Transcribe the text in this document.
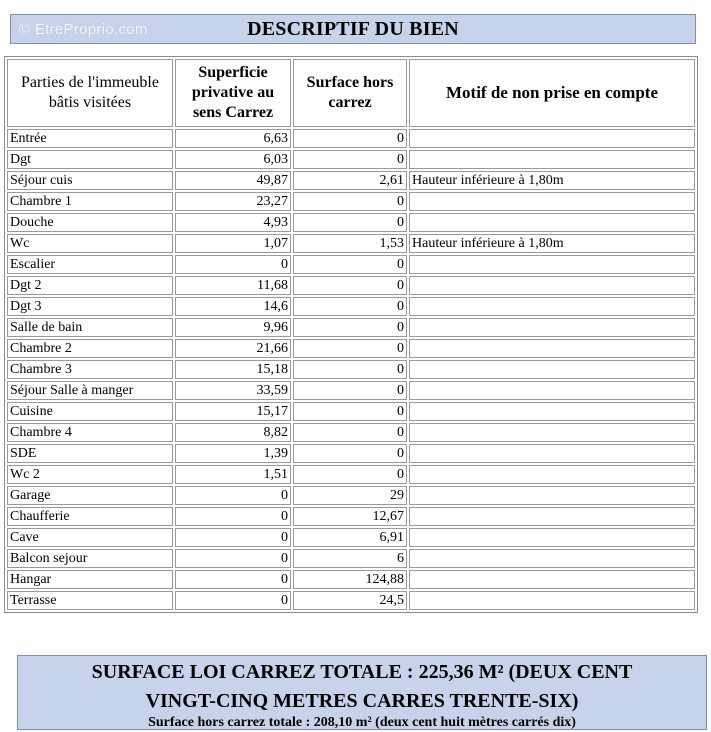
© EtreProprio.com	DESCRIPTIF DU BIEN
Parties de l'immeuble bâtis visitées	Superficie privative au sens Carrez	Surface hors carrez	Motif de non prise en compte
Entrée	6,63	0	
Dgt	6,03	0	
Séjour cuis	49,87	2,61	Hauteur inférieure à 1,80m
Chambre 1	23,27	0	
Douche	4,93	0	
Wc	1,07	1,53	Hauteur inférieure à 1,80m
Escalier	0	0	
Dgt 2	11,68	0	
Dgt 3	14,6	0	
Salle de bain	9,96	0	
Chambre 2	21,66	0	
Chambre 3	15,18	0	
Séjour Salle à manger	33,59	0	
Cuisine	15,17	0	
Chambre 4	8,82	0	
SDE	1,39	0	
Wc 2	1,51	0	
Garage	0	29	
Chaufferie	0	12,67	
Cave	0	6,91	
Balcon sejour	0	6	
Hangar	0	124,88	
Terrasse	0	24,5	
SURFACE LOI CARREZ TOTALE : 225,36 M² (DEUX CENT
VINGT-CINQ METRES CARRES TRENTE-SIX)
Surface hors carrez totale : 208,10 m² (deux cent huit mètres carrés dix)
